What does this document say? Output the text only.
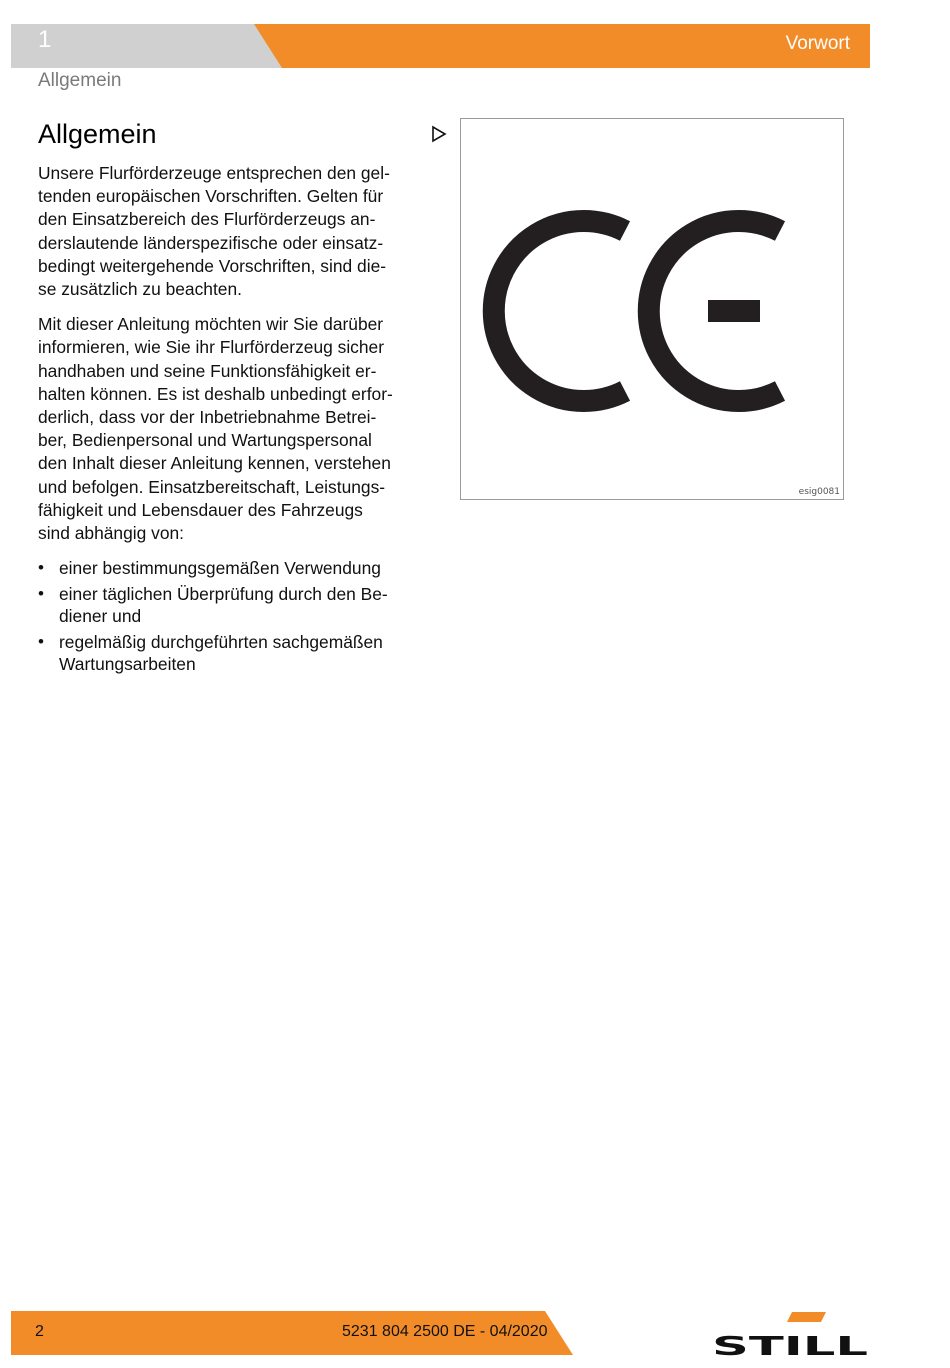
1	Vorwort
Allgemein
Allgemein

Unsere Flurförderzeuge entsprechen den gel-
tenden europäischen Vorschriften. Gelten für
den Einsatzbereich des Flurförderzeugs an-
derslautende länderspezifische oder einsatz-
bedingt weitergehende Vorschriften, sind die-
se zusätzlich zu beachten.

Mit dieser Anleitung möchten wir Sie darüber
informieren, wie Sie ihr Flurförderzeug sicher
handhaben und seine Funktionsfähigkeit er-
halten können. Es ist deshalb unbedingt erfor-
derlich, dass vor der Inbetriebnahme Betrei-
ber, Bedienpersonal und Wartungspersonal
den Inhalt dieser Anleitung kennen, verstehen
und befolgen. Einsatzbereitschaft, Leistungs-
fähigkeit und Lebensdauer des Fahrzeugs
sind abhängig von:

• einer bestimmungsgemäßen Verwendung
• einer täglichen Überprüfung durch den Be-
diener und
• regelmäßig durchgeführten sachgemäßen
Wartungsarbeiten
esig0081
2	5231 804 2500 DE - 04/2020
STILL
